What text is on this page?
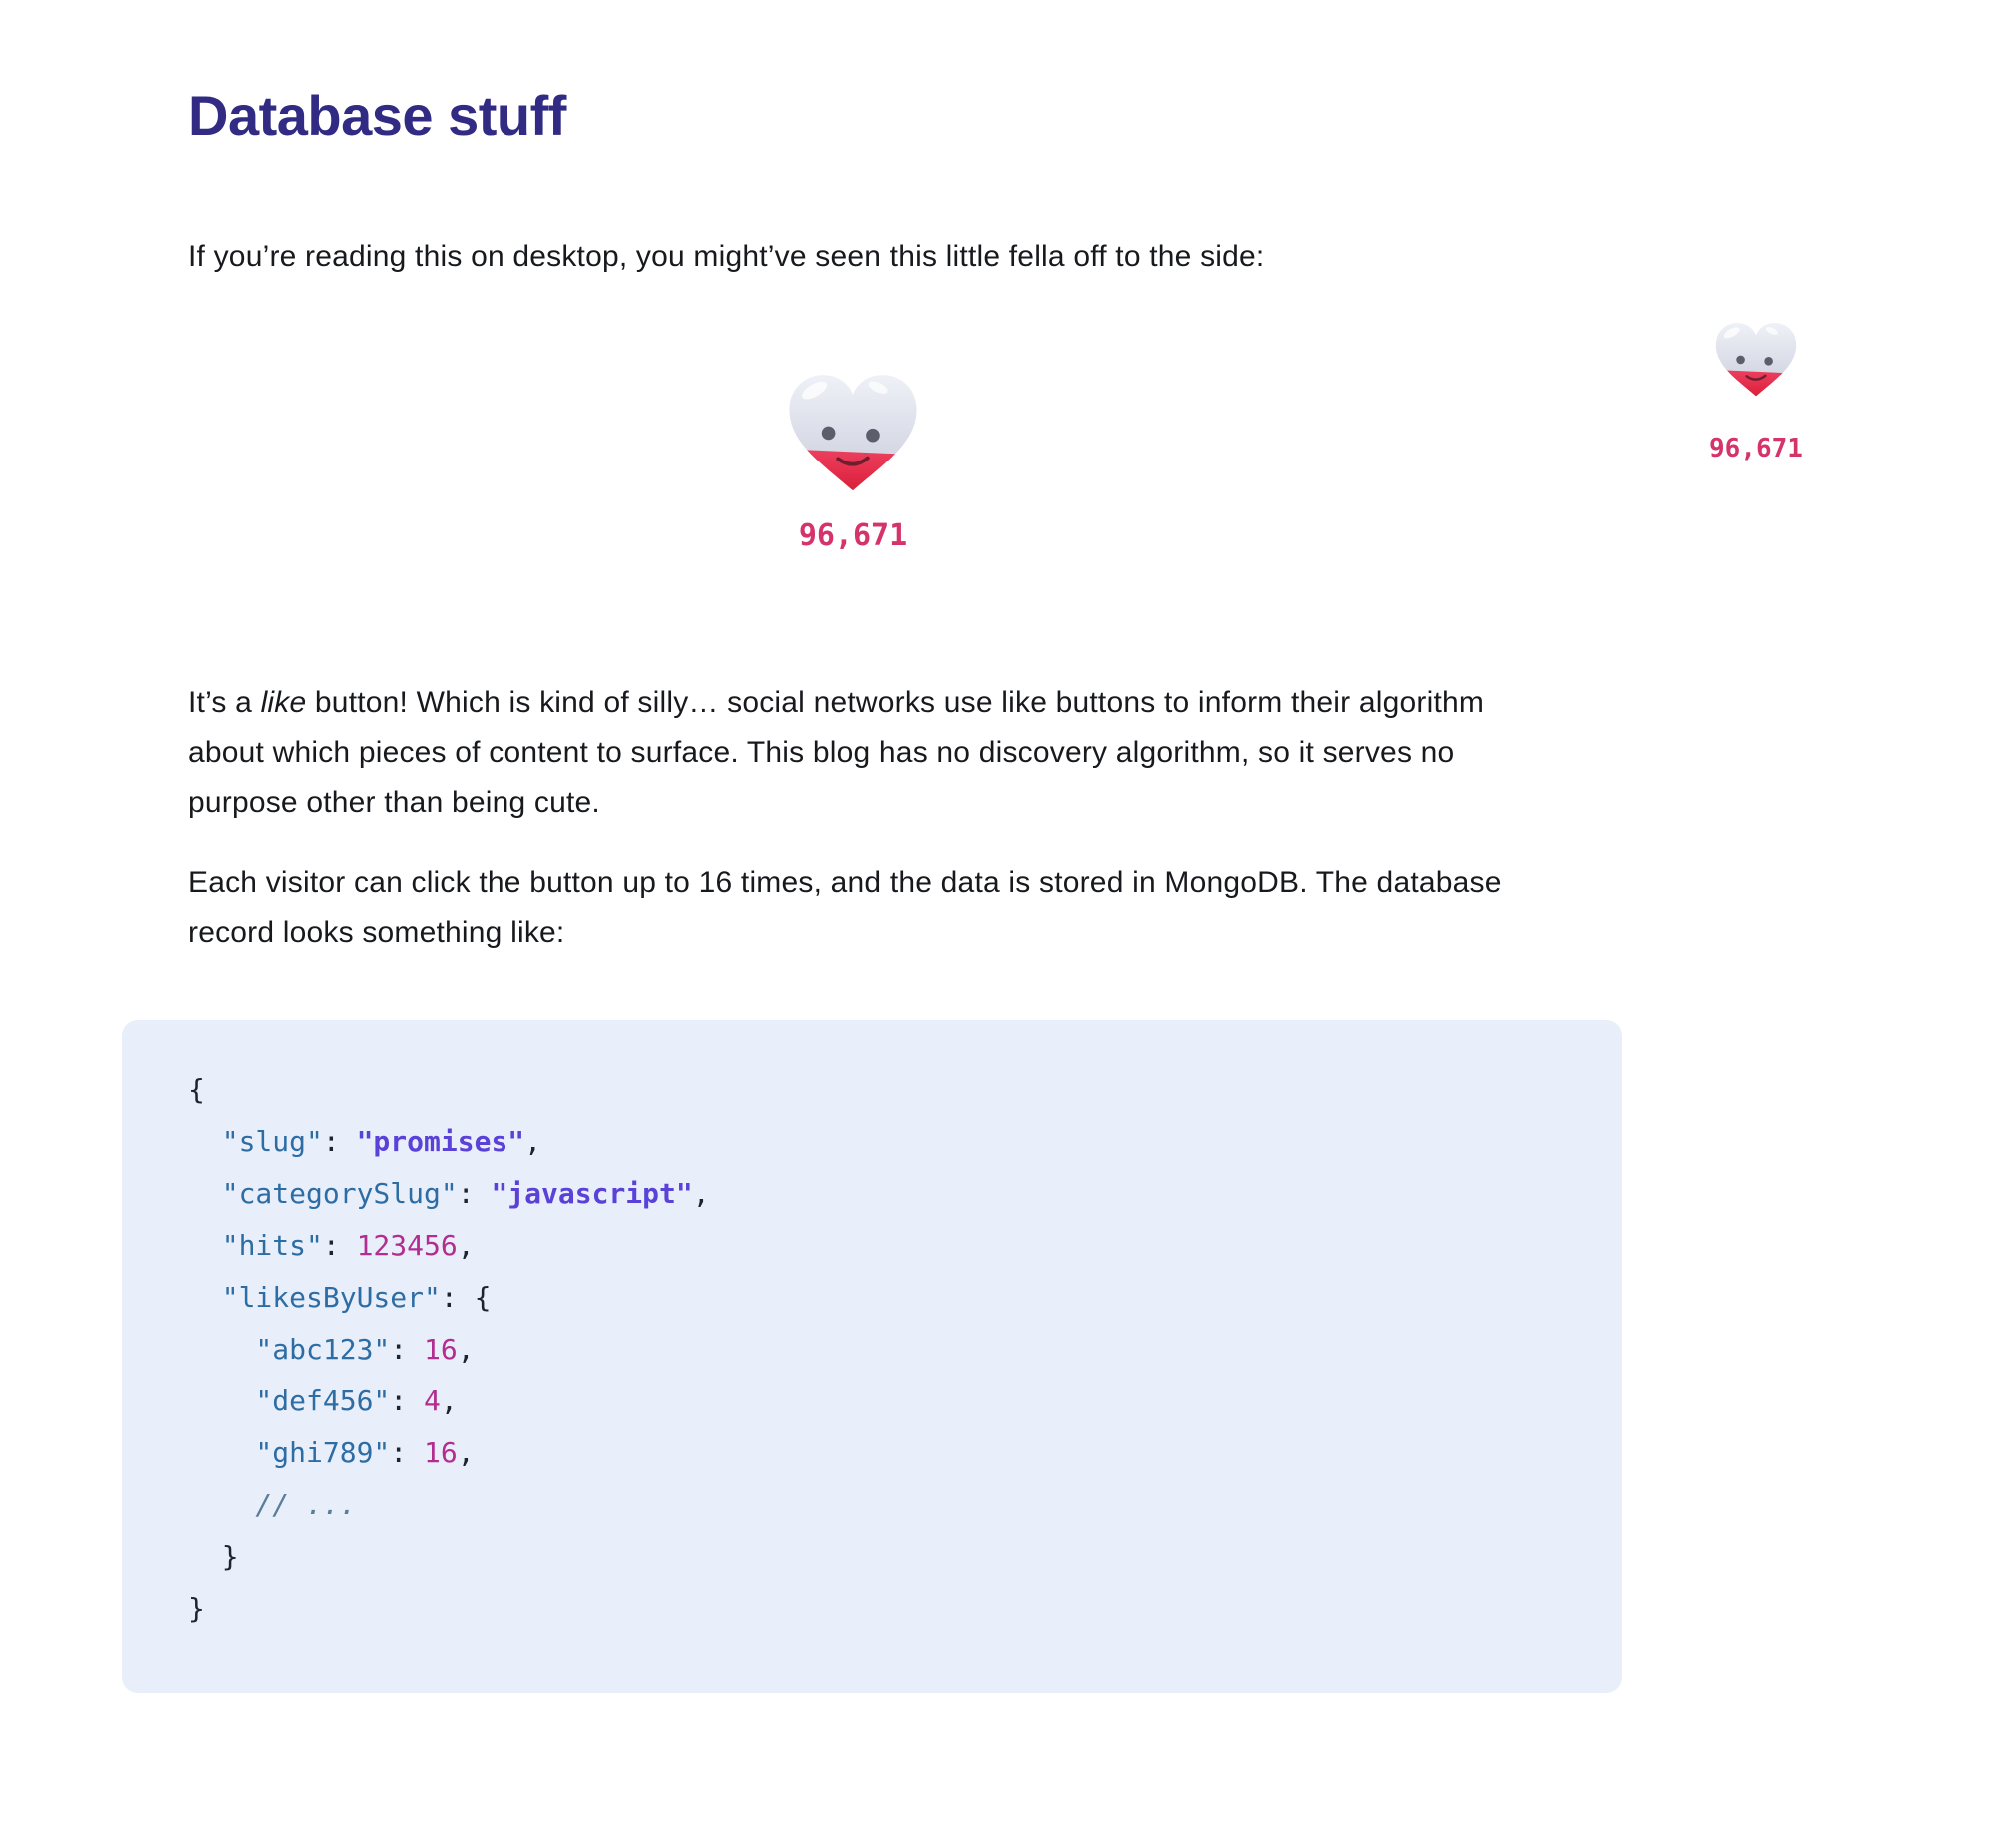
Database stuff

If you’re reading this on desktop, you might’ve seen this little fella off to the side:

96,671

It’s a like button! Which is kind of silly… social networks use like buttons to inform their algorithm about which pieces of content to surface. This blog has no discovery algorithm, so it serves no purpose other than being cute.

Each visitor can click the button up to 16 times, and the data is stored in MongoDB. The database record looks something like:

{
"slug": "promises",
"categorySlug": "javascript",
"hits": 123456,
"likesByUser": {
"abc123": 16,
"def456": 4,
"ghi789": 16,
// ...
}
}
96,671
